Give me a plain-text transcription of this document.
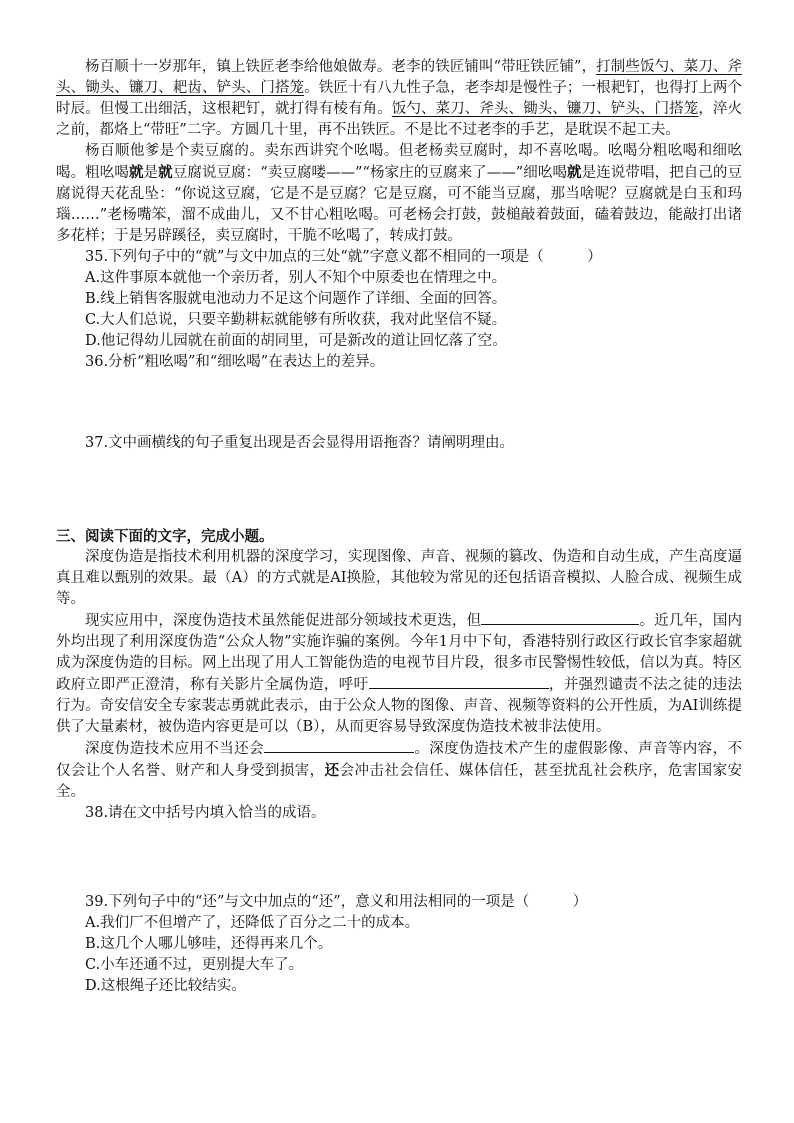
杨百顺十一岁那年，镇上铁匠老李给他娘做寿。老李的铁匠铺叫“带旺铁匠铺”，打制些饭勺、菜刀、斧头、锄头、镰刀、耙齿、铲头、门搭笼。铁匠十有八九性子急，老李却是慢性子；一根耙钉，也得打上两个时辰。但慢工出细活，这根耙钉，就打得有棱有角。饭勺、菜刀、斧头、锄头、镰刀、铲头、门搭笼，淬火之前，都烙上“带旺”二字。方圆几十里，再不出铁匠。不是比不过老李的手艺，是耽误不起工夫。

杨百顺他爹是个卖豆腐的。卖东西讲究个吆喝。但老杨卖豆腐时，却不喜吆喝。吆喝分粗吆喝和细吆喝。粗吆喝就是就豆腐说豆腐：“卖豆腐喽——”“杨家庄的豆腐来了——”细吆喝就是连说带唱，把自己的豆腐说得天花乱坠：“你说这豆腐，它是不是豆腐？它是豆腐，可不能当豆腐，那当啥呢？豆腐就是白玉和玛瑙……”老杨嘴笨，溜不成曲儿，又不甘心粗吆喝。可老杨会打鼓，鼓槌敲着鼓面，磕着鼓边，能敲打出诸多花样；于是另辟蹊径，卖豆腐时，干脆不吆喝了，转成打鼓。

35.下列句子中的“就”与文中加点的三处“就”字意义都不相同的一项是（　　　）

A.这件事原本就他一个亲历者，别人不知个中原委也在情理之中。

B.线上销售客服就电池动力不足这个问题作了详细、全面的回答。

C.大人们总说，只要辛勤耕耘就能够有所收获，我对此坚信不疑。

D.他记得幼儿园就在前面的胡同里，可是新改的道让回忆落了空。

36.分析“粗吆喝”和“细吆喝”在表达上的差异。

37.文中画横线的句子重复出现是否会显得用语拖沓？请阐明理由。

三、阅读下面的文字，完成小题。

深度伪造是指技术利用机器的深度学习，实现图像、声音、视频的篡改、伪造和自动生成，产生高度逼真且难以甄别的效果。最（A）的方式就是AI换脸，其他较为常见的还包括语音模拟、人脸合成、视频生成等。

现实应用中，深度伪造技术虽然能促进部分领域技术更迭，但	。近几年，国内外均出现了利用深度伪造“公众人物”实施诈骗的案例。今年1月中下旬，香港特别行政区行政长官李家超就成为深度伪造的目标。网上出现了用人工智能伪造的电视节目片段，很多市民警惕性较低，信以为真。特区政府立即严正澄清，称有关影片全属伪造，呼吁	，并强烈谴责不法之徒的违法行为。奇安信安全专家裴志勇就此表示，由于公众人物的图像、声音、视频等资料的公开性质，为AI训练提供了大量素材，被伪造内容更是可以（B），从而更容易导致深度伪造技术被非法使用。

深度伪造技术应用不当还会	。深度伪造技术产生的虚假影像、声音等内容，不仅会让个人名誉、财产和人身受到损害，还会冲击社会信任、媒体信任，甚至扰乱社会秩序，危害国家安全。

38.请在文中括号内填入恰当的成语。

39.下列句子中的“还”与文中加点的“还”，意义和用法相同的一项是（　　　）

A.我们厂不但增产了，还降低了百分之二十的成本。

B.这几个人哪儿够哇，还得再来几个。

C.小车还通不过，更别提大车了。

D.这根绳子还比较结实。
